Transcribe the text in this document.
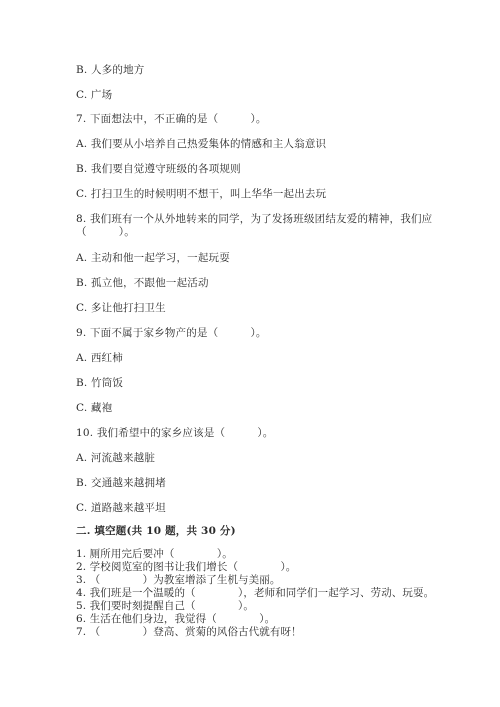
B. 人多的地方
C. 广场
7. 下面想法中，不正确的是（　　　）。
A. 我们要从小培养自己热爱集体的情感和主人翁意识
B. 我们要自觉遵守班级的各项规则
C. 打扫卫生的时候明明不想干，叫上华华一起出去玩
8. 我们班有一个从外地转来的同学，为了发扬班级团结友爱的精神，我们应
（　　　）。
A. 主动和他一起学习，一起玩耍
B. 孤立他，不跟他一起活动
C. 多让他打扫卫生
9. 下面不属于家乡物产的是（　　　）。
A. 西红柿
B. 竹筒饭
C. 藏袍
10. 我们希望中的家乡应该是（　　　）。
A. 河流越来越脏
B. 交通越来越拥堵
C. 道路越来越平坦
二. 填空题(共 10 题，共 30 分)
1. 厕所用完后要冲（　　　　）。
2. 学校阅览室的图书让我们增长（　　　　）。
3. （　　　　）为教室增添了生机与美丽。
4. 我们班是一个温暖的（　　　　），老师和同学们一起学习、劳动、玩耍。
5. 我们要时刻提醒自己（　　　　）。
6. 生活在他们身边，我觉得（　　　　）。
7. （　　　　）登高、赏菊的风俗古代就有呀！
